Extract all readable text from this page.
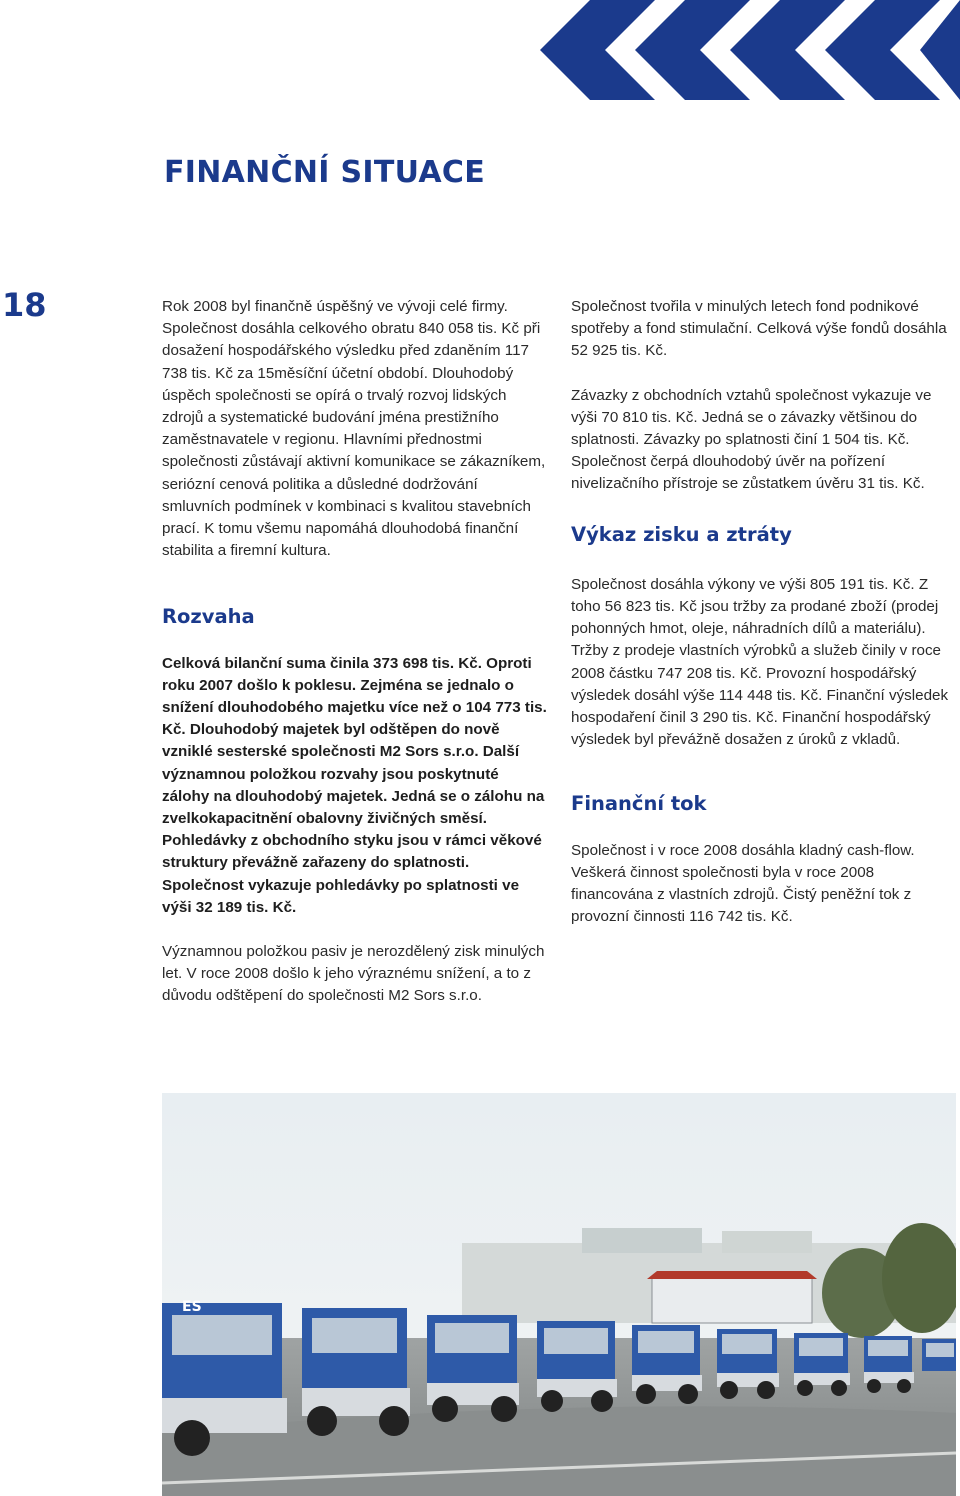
FINANČNÍ SITUACE
18	Rok 2008 byl finančně úspěšný ve vývoji celé firmy. Společnost dosáhla celkového obratu 840 058 tis. Kč při dosažení hospodářského výsledku před zdaněním 117 738 tis. Kč za 15měsíční účetní období. Dlouhodobý úspěch společnosti se opírá o trvalý rozvoj lidských zdrojů a systematické budování jména prestižního zaměstnavatele v regionu. Hlavními přednostmi společnosti zůstávají aktivní komunikace se zákazníkem, seriózní cenová politika a důsledné dodržování smluvních podmínek v kombinaci s kvalitou stavebních prací. K tomu všemu napomáhá dlouhodobá finanční stabilita a firemní kultura.

Rozvaha

Celková bilanční suma činila 373 698 tis. Kč. Oproti roku 2007 došlo k poklesu. Zejména se jednalo o snížení dlouhodobého majetku více než o 104 773 tis. Kč. Dlouhodobý majetek byl odštěpen do nově vzniklé sesterské společnosti M2 Sors s.r.o. Další významnou položkou rozvahy jsou poskytnuté zálohy na dlouhodobý majetek. Jedná se o zálohu na zvelkokapacitnění obalovny živičných směsí. Pohledávky z obchodního styku jsou v rámci věkové struktury převážně zařazeny do splatnosti. Společnost vykazuje pohledávky po splatnosti ve výši 32 189 tis. Kč.

Významnou položkou pasiv je nerozdělený zisk minulých let. V roce 2008 došlo k jeho výraznému snížení, a to z důvodu odštěpení do společnosti M2 Sors s.r.o.

Společnost tvořila v minulých letech fond podnikové spotřeby a fond stimulační. Celková výše fondů dosáhla 52 925 tis. Kč.

Závazky z obchodních vztahů společnost vykazuje ve výši 70 810 tis. Kč. Jedná se o závazky většinou do splatnosti. Závazky po splatnosti činí 1 504 tis. Kč. Společnost čerpá dlouhodobý úvěr na pořízení nivelizačního přístroje se zůstatkem úvěru 31 tis. Kč.

Výkaz zisku a ztráty

Společnost dosáhla výkony ve výši 805 191 tis. Kč. Z toho 56 823 tis. Kč jsou tržby za prodané zboží (prodej pohonných hmot, oleje, náhradních dílů a materiálu). Tržby z prodeje vlastních výrobků a služeb činily v roce 2008 částku 747 208 tis. Kč. Provozní hospodářský výsledek dosáhl výše 114 448 tis. Kč. Finanční výsledek hospodaření činil 3 290 tis. Kč. Finanční hospodářský výsledek byl převážně dosažen z úroků z vkladů.

Finanční tok

Společnost i v roce 2008 dosáhla kladný cash-flow. Veškerá činnost společnosti byla v roce 2008 financována z vlastních zdrojů. Čistý peněžní tok z provozní činnosti 116 742 tis. Kč.

ES
